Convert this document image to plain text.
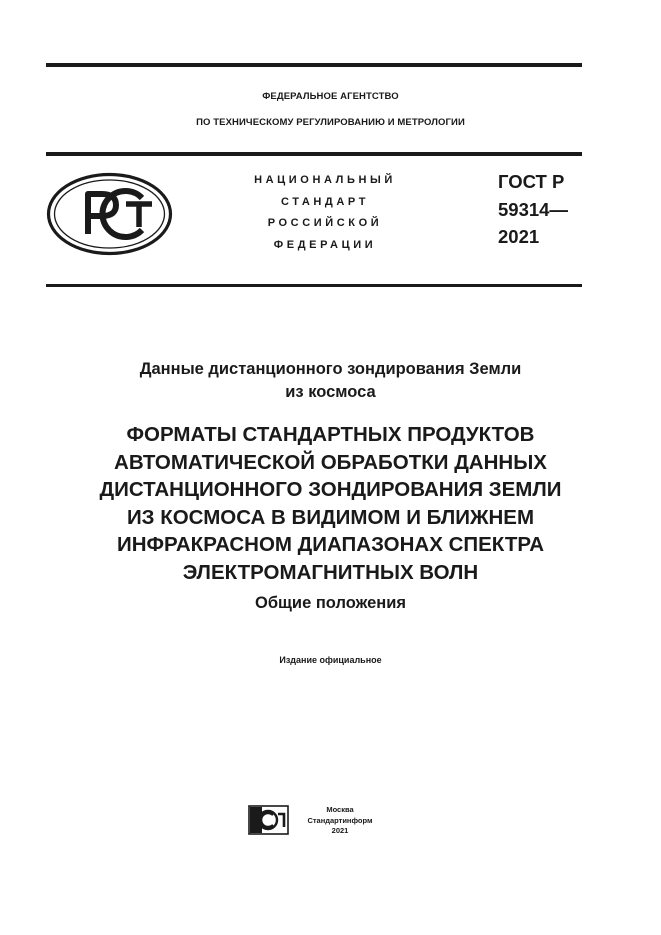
ФЕДЕРАЛЬНОЕ АГЕНТСТВО
ПО ТЕХНИЧЕСКОМУ РЕГУЛИРОВАНИЮ И МЕТРОЛОГИИ
НАЦИОНАЛЬНЫЙ
СТАНДАРТ
РОССИЙСКОЙ
ФЕДЕРАЦИИ
ГОСТ Р
59314—
2021
Данные дистанционного зондирования Земли
из космоса
ФОРМАТЫ СТАНДАРТНЫХ ПРОДУКТОВ
АВТОМАТИЧЕСКОЙ ОБРАБОТКИ ДАННЫХ
ДИСТАНЦИОННОГО ЗОНДИРОВАНИЯ ЗЕМЛИ
ИЗ КОСМОСА В ВИДИМОМ И БЛИЖНЕМ
ИНФРАКРАСНОМ ДИАПАЗОНАХ СПЕКТРА
ЭЛЕКТРОМАГНИТНЫХ ВОЛН
Общие положения
Издание официальное
Москва
Стандартинформ
2021
